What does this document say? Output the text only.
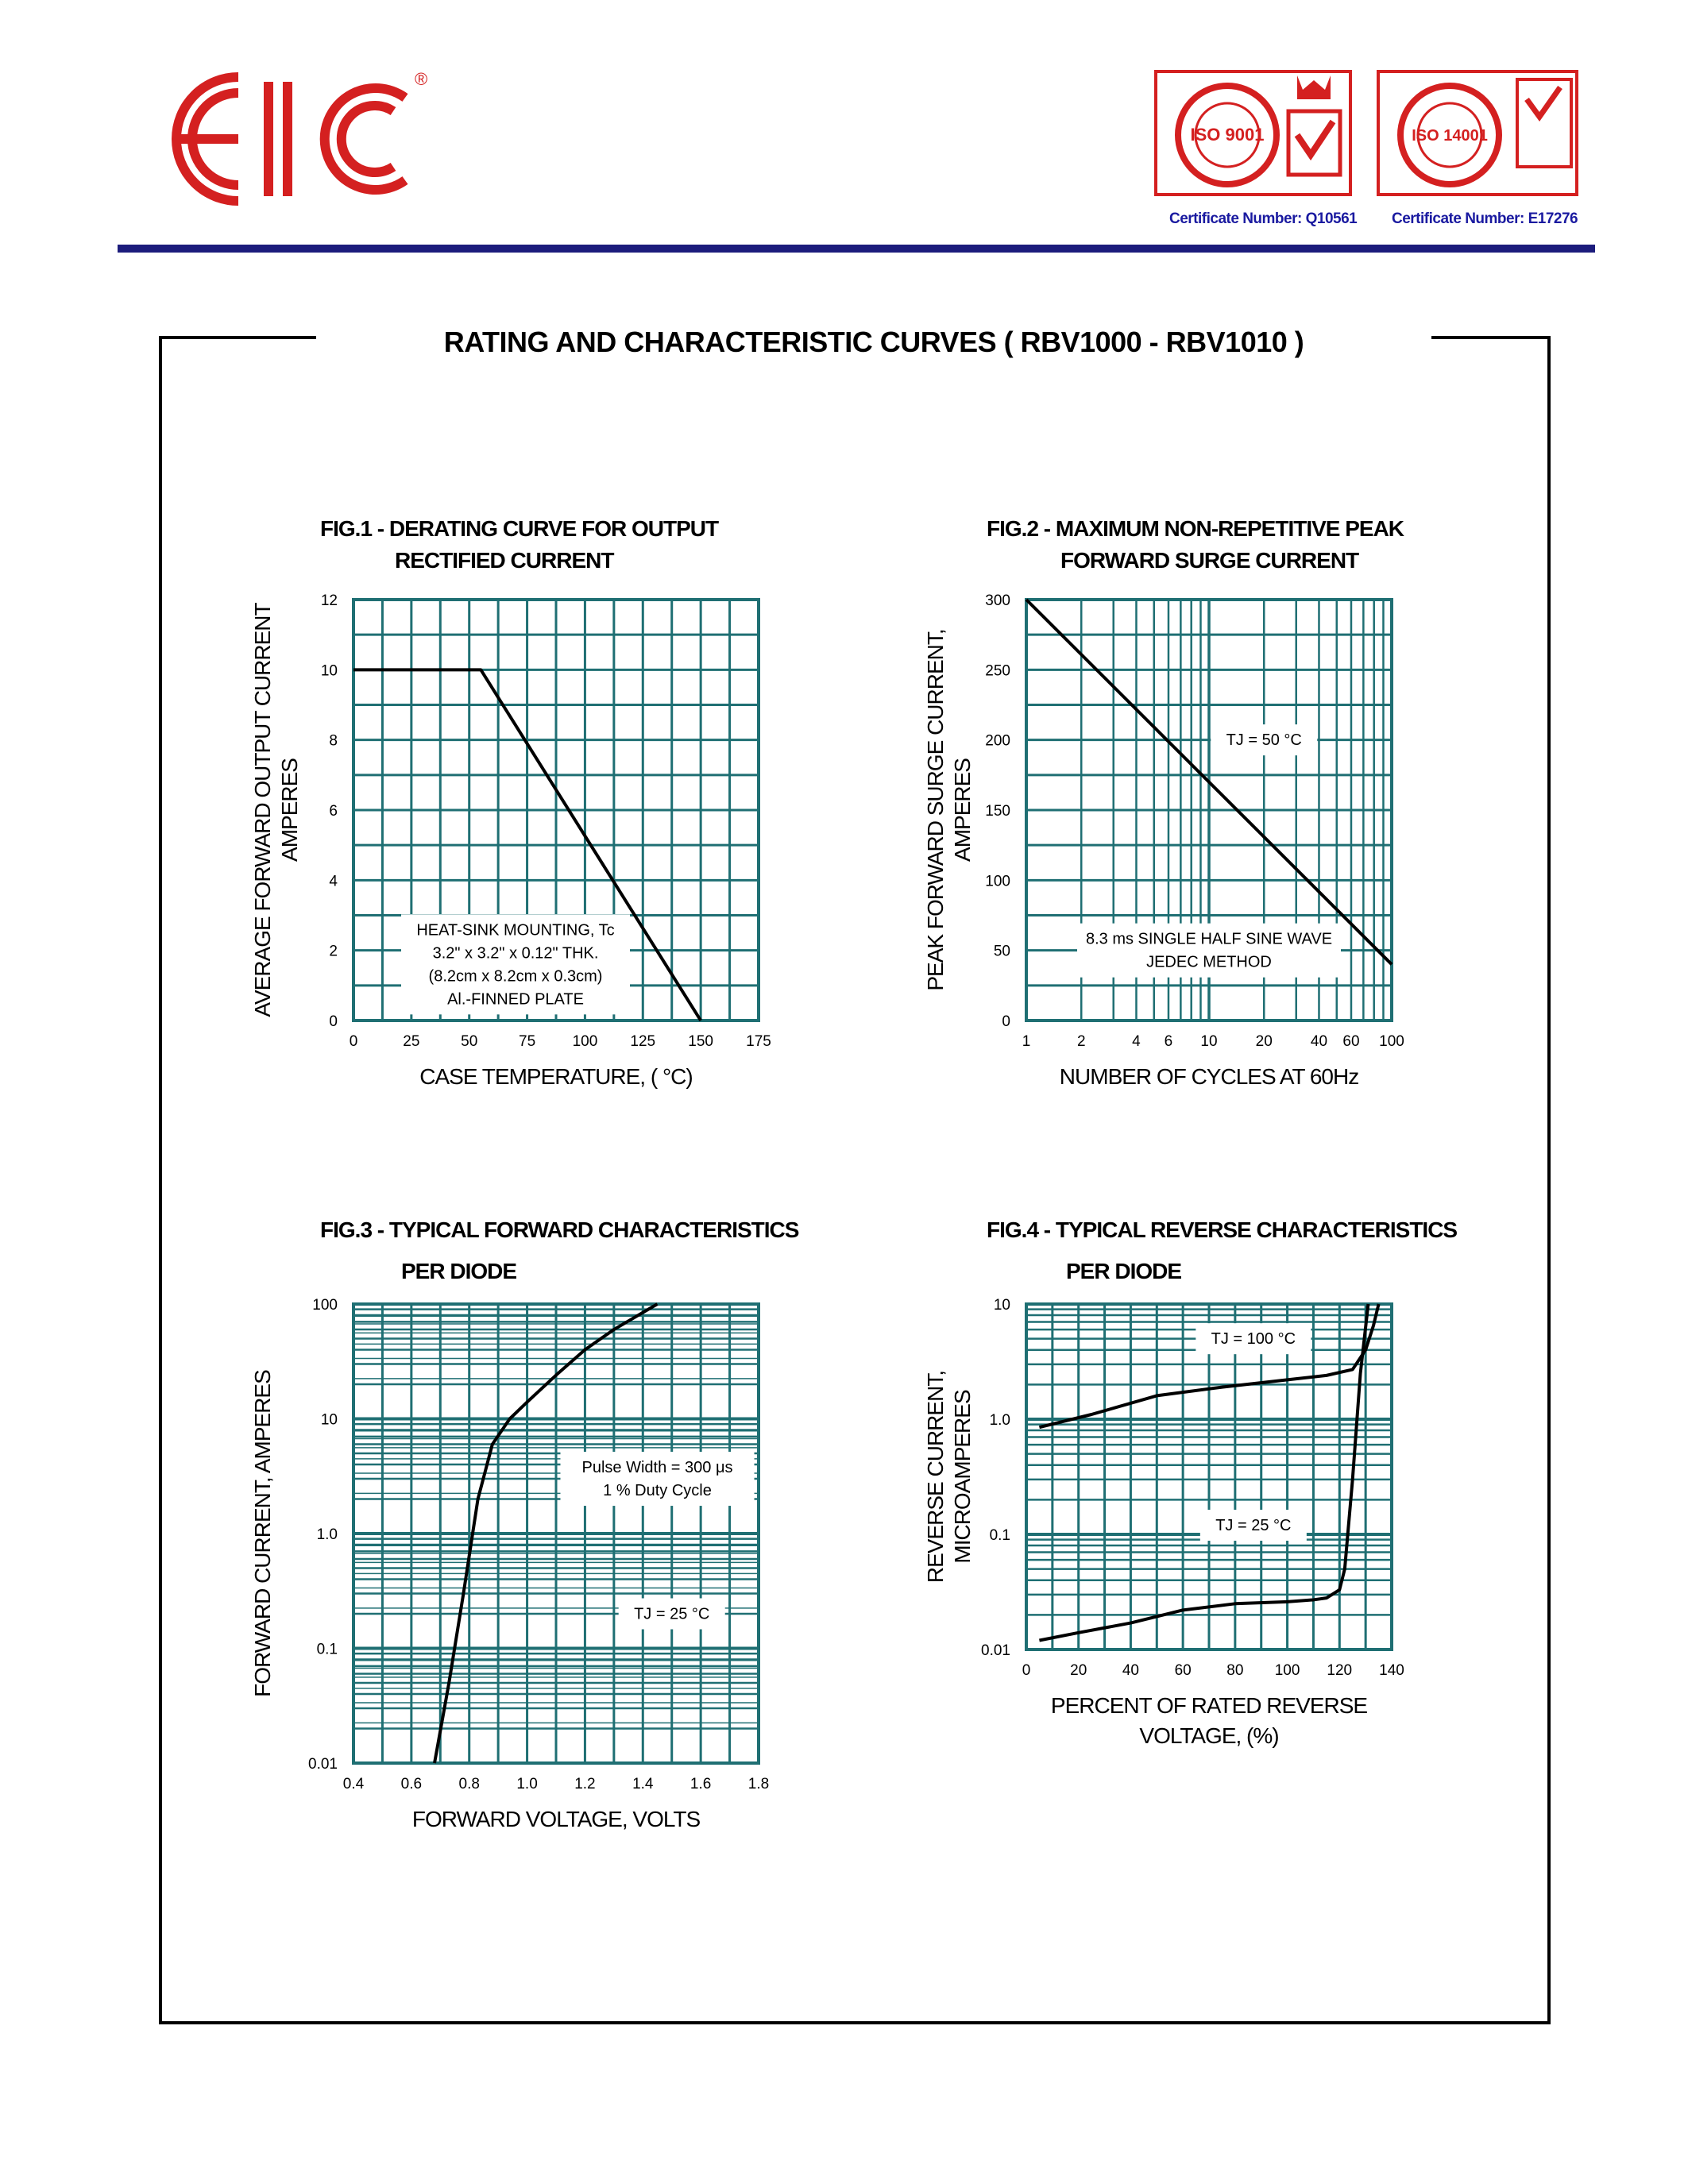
®
EIC
ISO 9001	ISO 14001
Certificate Number: Q10561 Certificate Number: E17276
RATING AND CHARACTERISTIC CURVES ( RBV1000 - RBV1010 )
FIG.1 - DERATING CURVE FOR OUTPUT
RECTIFIED CURRENT
FIG.2 - MAXIMUM NON-REPETITIVE PEAK
FORWARD SURGE CURRENT
FIG.3 - TYPICAL FORWARD CHARACTERISTICS
PER DIODE
FIG.4 - TYPICAL REVERSE CHARACTERISTICS
PER DIODE
HEAT-SINK MOUNTING, Tc
3.2" x 3.2" x 0.12" THK.
(8.2cm x 8.2cm x 0.3cm)
Al.-FINNED PLATE
0	25	50	75 100 125 150 175
0
2
4
6
8
10
12
CASE TEMPERATURE, ( °C)
AVERAGE FORWARD OUTPUT CURRENT AMPERES
TJ = 50 °C
8.3 ms SINGLE HALF SINE WAVE
JEDEC METHOD
1	2	4 6 10	20	40 60 100
0
50
100
150
200
250
300
NUMBER OF CYCLES AT 60Hz
PEAK FORWARD SURGE CURRENT, AMPERES
Pulse Width = 300 μs
1 % Duty Cycle
TJ = 25 °C
0.4 0.6 0.8 1.0 1.2 1.4 1.6 1.8
0.01
0.1
1.0
10
100
FORWARD VOLTAGE, VOLTS
FORWARD CURRENT, AMPERES
TJ = 100 °C
TJ = 25 °C
0	20 40 60 80 100 120 140
0.01
0.1
1.0
10
PERCENT OF RATED REVERSE
VOLTAGE, (%)
REVERSE CURRENT, MICROAMPERES
